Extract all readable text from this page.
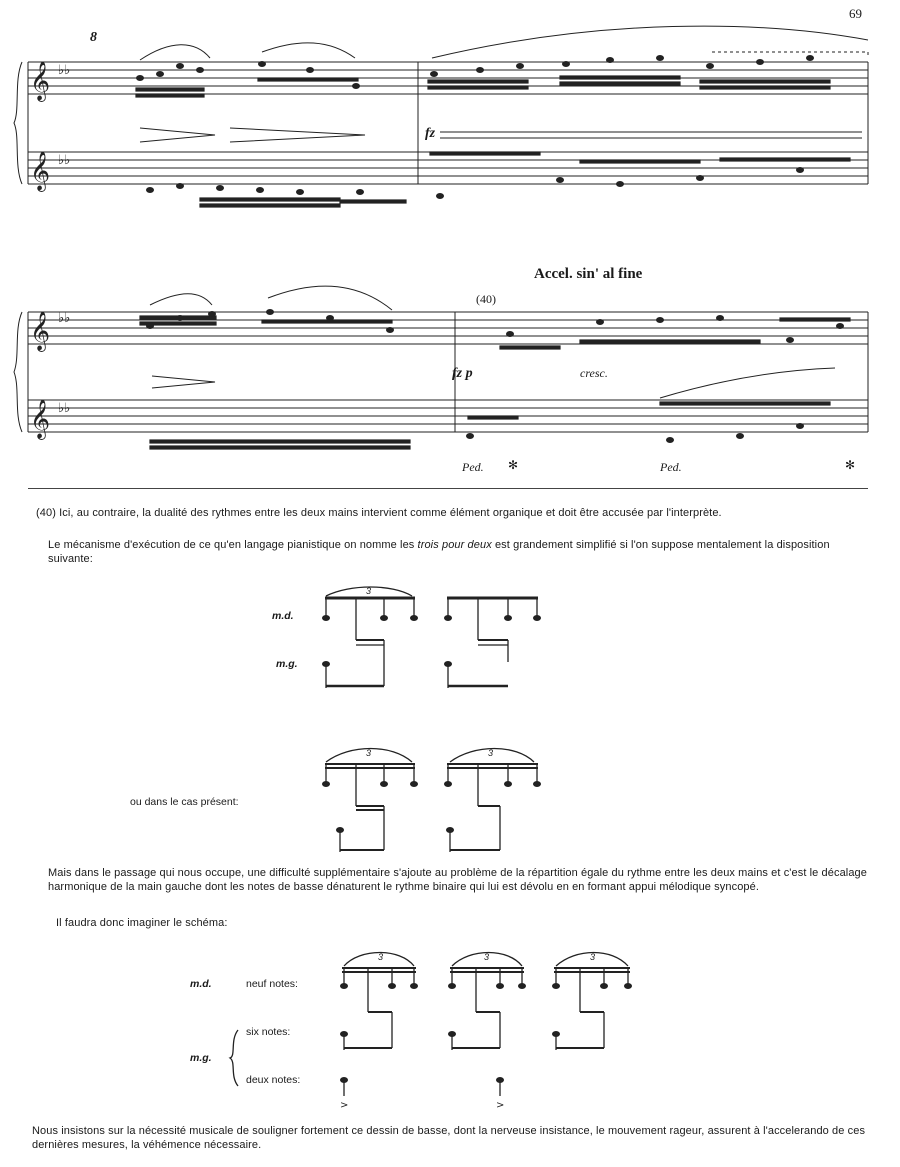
69
𝄞
𝄞
𝄞
𝄞
♭♭
♭♭
♭♭
♭♭
8
fz
Accel. sin' al fine
(40)
fz p	cresc.
Ped. ✻	Ped.	✻
(40) Ici, au contraire, la dualité des rythmes entre les deux mains intervient comme élément organique et doit être accusée par l'interprète.
Le mécanisme d'exécution de ce qu'en langage pianistique on nomme les trois pour deux est grandement simplifié si l'on suppose mentalement la disposition suivante:
>	>
3
3	3
3	3	3
m.d.
m.g.
ou dans le cas présent:
Mais dans le passage qui nous occupe, une difficulté supplémentaire s'ajoute au problème de la répartition égale du rythme entre les deux mains et c'est le décalage harmonique de la main gauche dont les notes de basse dénaturent le rythme binaire qui lui est dévolu en en formant appui mélodique syncopé.
Il faudra donc imaginer le schéma:
m.d.	neuf notes:
m.g.
six notes:
deux notes:
Nous insistons sur la nécessité musicale de souligner fortement ce dessin de basse, dont la nerveuse insistance, le mouvement rageur, assurent à l'accelerando de ces dernières mesures, la véhémence nécessaire.
